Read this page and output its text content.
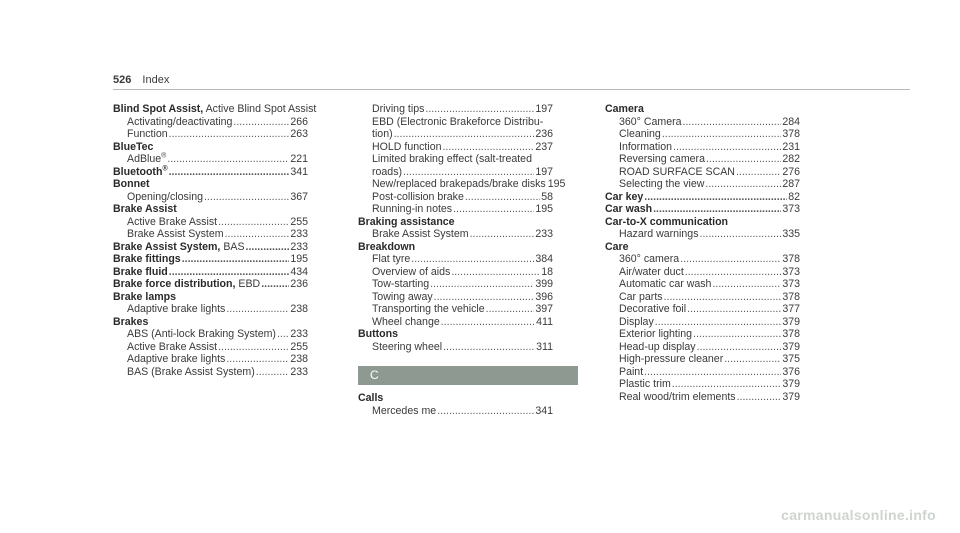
526 Index
Blind Spot Assist, Active Blind Spot Assist
Activating/deactivating .....	266
Function .....	263
BlueTec
AdBlue® .....	221
Bluetooth® .....	341
Bonnet
Opening/closing .....	367
Brake Assist
Active Brake Assist .....	255
Brake Assist System .....	233
Brake Assist System, BAS .....	233
Brake fittings .....	195
Brake fluid .....	434
Brake force distribution, EBD .....	236
Brake lamps
Adaptive brake lights .....	238
Brakes
ABS (Anti-lock Braking System) ..... 233
Active Brake Assist .....	255
Adaptive brake lights .....	238
BAS (Brake Assist System) .....	233
Driving tips .....	197
EBD (Electronic Brakeforce Distribu-
tion) .....	236
HOLD function .....	237
Limited braking effect (salt-treated
roads) .....	197
New/replaced brakepads/brake disks 195
Post-collision brake .....	58
Running-in notes .....	195
Braking assistance
Brake Assist System .....	233
Breakdown
Flat tyre .....	384
Overview of aids .....	18
Tow-starting .....	399
Towing away .....	396
Transporting the vehicle .....	397
Wheel change .....	411
Buttons
Steering wheel .....	311
C
Calls
Mercedes me .....	341
Camera
360° Camera .....	284
Cleaning .....	378
Information .....	231
Reversing camera .....	282
ROAD SURFACE SCAN .....	276
Selecting the view .....	287
Car key .....	82
Car wash .....	373
Car-to-X communication
Hazard warnings .....	335
Care
360° camera .....	378
Air/water duct .....	373
Automatic car wash .....	373
Car parts .....	378
Decorative foil .....	377
Display .....	379
Exterior lighting .....	378
Head-up display .....	379
High-pressure cleaner .....	375
Paint .....	376
Plastic trim .....	379
Real wood/trim elements .....	379
carmanualsonline.info
